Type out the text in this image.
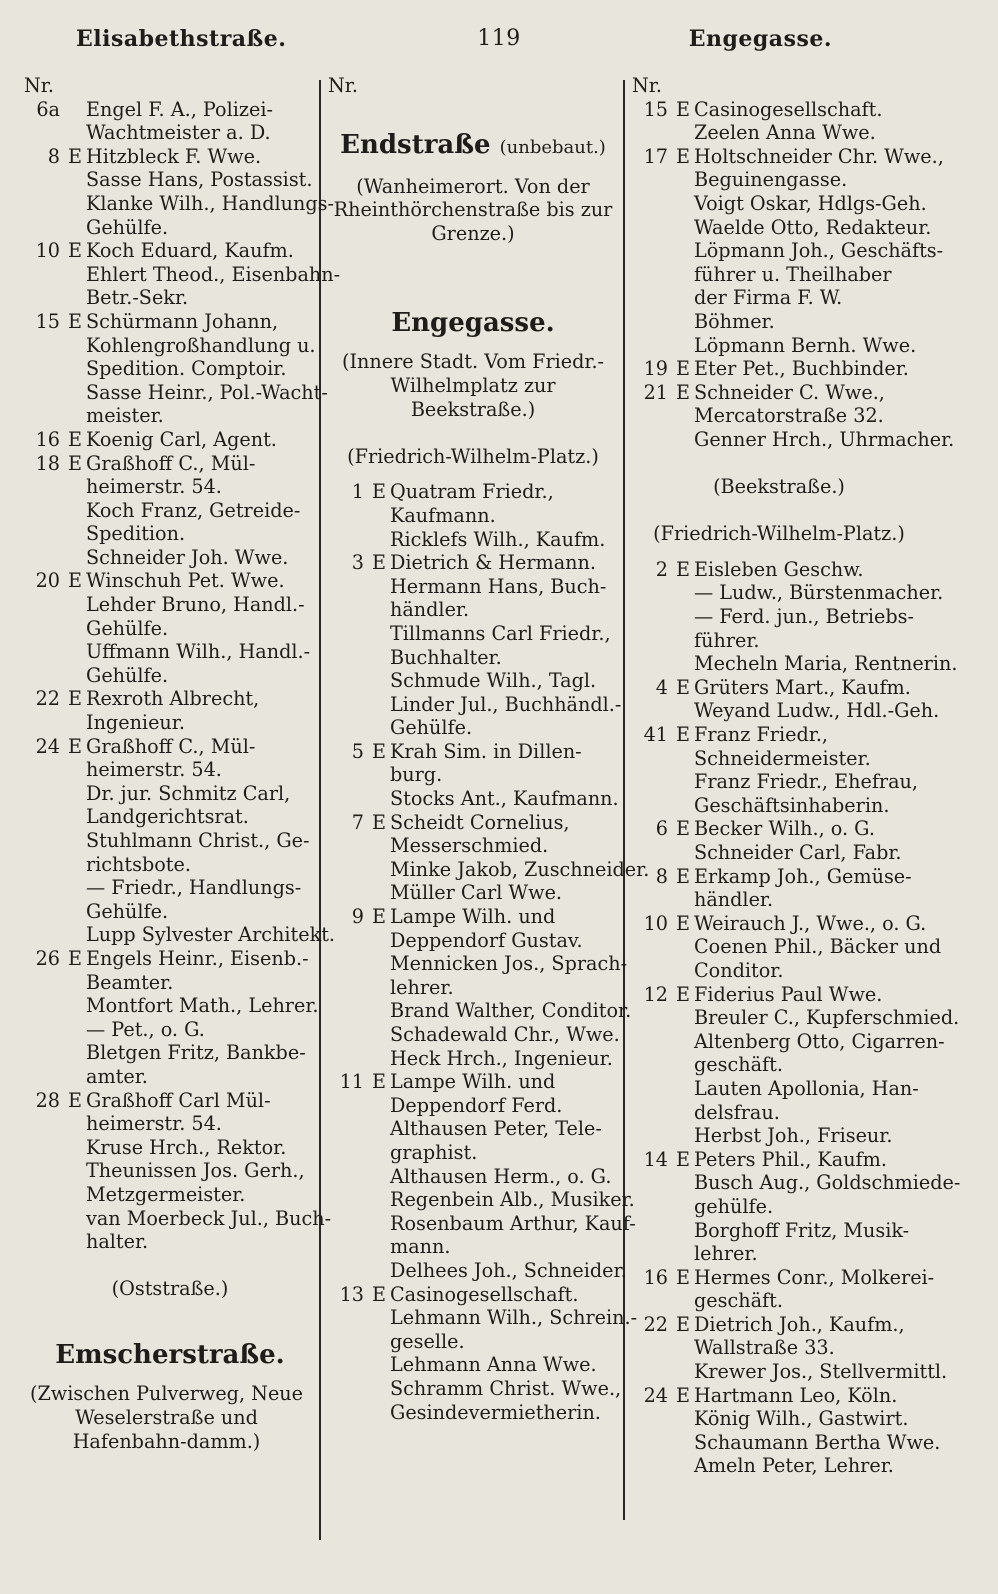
119
Elisabethstraße.	Engegasse.
Nr.
6a Engel F. A., Polizei-
Wachtmeister a. D.
8 E Hitzbleck F. Wwe.
Sasse Hans, Postassist.
Klanke Wilh., Handlungs-
Gehülfe.
10 E Koch Eduard, Kaufm.
Ehlert Theod., Eisenbahn-
Betr.-Sekr.
15 E Schürmann Johann,
Kohlengroßhandlung u.
Spedition. Comptoir.
Sasse Heinr., Pol.-Wacht-
meister.
16 E Koenig Carl, Agent.
18 E Graßhoff C., Mül-
heimerstr. 54.
Koch Franz, Getreide-
Spedition.
Schneider Joh. Wwe.
20 E Winschuh Pet. Wwe.
Lehder Bruno, Handl.-
Gehülfe.
Uffmann Wilh., Handl.-
Gehülfe.
22 E Rexroth Albrecht,
Ingenieur.
24 E Graßhoff C., Mül-
heimerstr. 54.
Dr. jur. Schmitz Carl,
Landgerichtsrat.
Stuhlmann Christ., Ge-
richtsbote.
— Friedr., Handlungs-
Gehülfe.
Lupp Sylvester Architekt.
26 E Engels Heinr., Eisenb.-
Beamter.
Montfort Math., Lehrer.
— Pet., o. G.
Bletgen Fritz, Bankbe-
amter.
28 E Graßhoff Carl Mül-
heimerstr. 54.
Kruse Hrch., Rektor.
Theunissen Jos. Gerh.,
Metzgermeister.
van Moerbeck Jul., Buch-
halter.
(Oststraße.)
Emscherstraße.
(Zwischen Pulverweg, Neue Weselerstraße und Hafenbahn-damm.)
Nr.
Endstraße (unbebaut.)
(Wanheimerort. Von der Rheinthörchenstraße bis zur Grenze.)
Engegasse.
(Innere Stadt. Vom Friedr.-Wilhelmplatz zur Beekstraße.)
(Friedrich-Wilhelm-Platz.)
1 E Quatram Friedr.,
Kaufmann.
Ricklefs Wilh., Kaufm.
3 E Dietrich & Hermann.
Hermann Hans, Buch-
händler.
Tillmanns Carl Friedr.,
Buchhalter.
Schmude Wilh., Tagl.
Linder Jul., Buchhändl.-
Gehülfe.
5 E Krah Sim. in Dillen-
burg.
Stocks Ant., Kaufmann.
7 E Scheidt Cornelius,
Messerschmied.
Minke Jakob, Zuschneider.
Müller Carl Wwe.
9 E Lampe Wilh. und
Deppendorf Gustav.
Mennicken Jos., Sprach-
lehrer.
Brand Walther, Conditor.
Schadewald Chr., Wwe.
Heck Hrch., Ingenieur.
11 E Lampe Wilh. und
Deppendorf Ferd.
Althausen Peter, Tele-
graphist.
Althausen Herm., o. G.
Regenbein Alb., Musiker.
Rosenbaum Arthur, Kauf-
mann.
Delhees Joh., Schneider.
13 E Casinogesellschaft.
Lehmann Wilh., Schrein.-
geselle.
Lehmann Anna Wwe.
Schramm Christ. Wwe.,
Gesindevermietherin.
Nr.
15 E Casinogesellschaft.
Zeelen Anna Wwe.
17 E Holtschneider Chr. Wwe.,
Beguinengasse.
Voigt Oskar, Hdlgs-Geh.
Waelde Otto, Redakteur.
Löpmann Joh., Geschäfts-
führer u. Theilhaber
der Firma F. W.
Böhmer.
Löpmann Bernh. Wwe.
19 E Eter Pet., Buchbinder.
21 E Schneider C. Wwe.,
Mercatorstraße 32.
Genner Hrch., Uhrmacher.
(Beekstraße.)
(Friedrich-Wilhelm-Platz.)
2 E Eisleben Geschw.
— Ludw., Bürstenmacher.
— Ferd. jun., Betriebs-
führer.
Mecheln Maria, Rentnerin.
4 E Grüters Mart., Kaufm.
Weyand Ludw., Hdl.-Geh.
41 E Franz Friedr.,
Schneidermeister.
Franz Friedr., Ehefrau,
Geschäftsinhaberin.
6 E Becker Wilh., o. G.
Schneider Carl, Fabr.
8 E Erkamp Joh., Gemüse-
händler.
10 E Weirauch J., Wwe., o. G.
Coenen Phil., Bäcker und
Conditor.
12 E Fiderius Paul Wwe.
Breuler C., Kupferschmied.
Altenberg Otto, Cigarren-
geschäft.
Lauten Apollonia, Han-
delsfrau.
Herbst Joh., Friseur.
14 E Peters Phil., Kaufm.
Busch Aug., Goldschmiede-
gehülfe.
Borghoff Fritz, Musik-
lehrer.
16 E Hermes Conr., Molkerei-
geschäft.
22 E Dietrich Joh., Kaufm.,
Wallstraße 33.
Krewer Jos., Stellvermittl.
24 E Hartmann Leo, Köln.
König Wilh., Gastwirt.
Schaumann Bertha Wwe.
Ameln Peter, Lehrer.
